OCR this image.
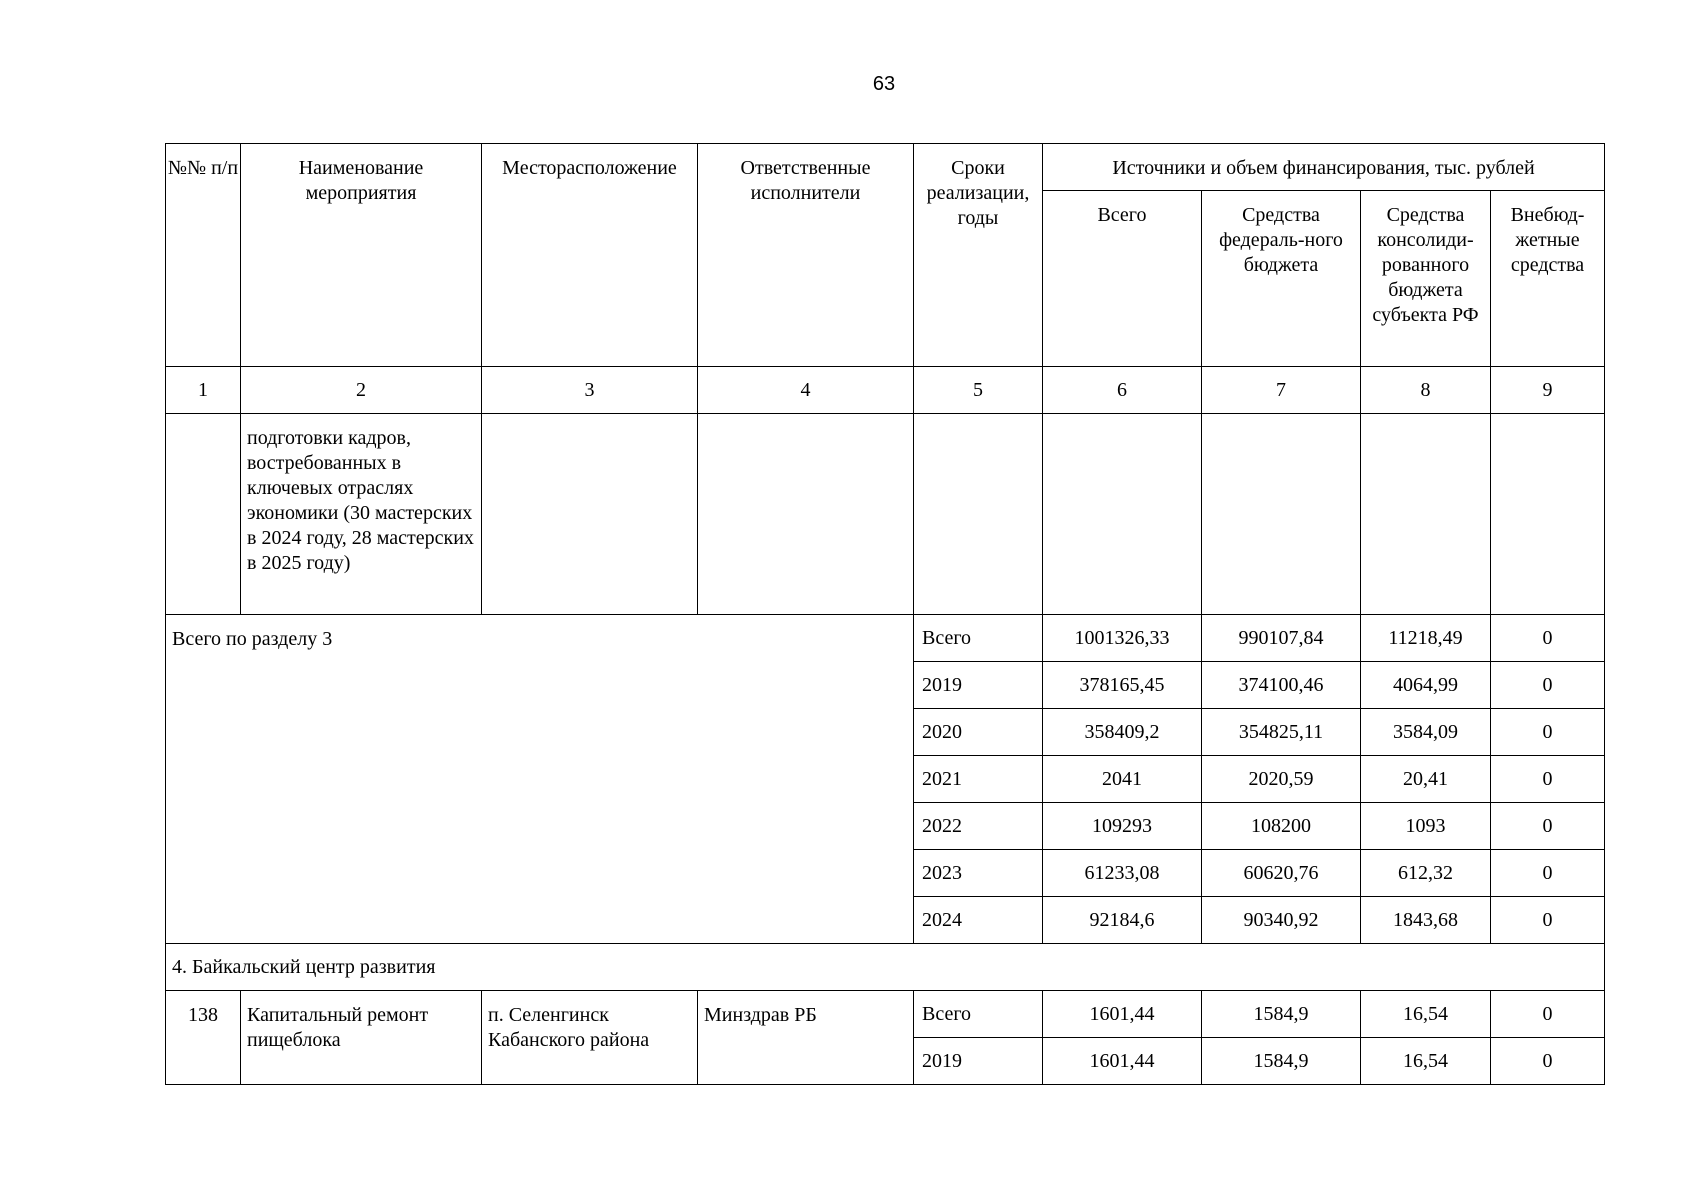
63
№№ п/п	Наименование мероприятия	Месторасположение	Ответственные исполнители	Сроки реализации, годы	Источники и объем финансирования, тыс. рублей			
					Всего	Средства федераль-ного бюджета	Средства консолиди-рованного бюджета субъекта РФ	Внебюд-жетные средства
1	2	3	4	5	6	7	8	9
	подготовки кадров, востребованных в ключевых отраслях экономики (30 мастерских в 2024 году, 28 мастерских в 2025 году)							
Всего по разделу 3				Всего	1001326,33	990107,84	11218,49	0
				2019	378165,45	374100,46	4064,99	0
				2020	358409,2	354825,11	3584,09	0
				2021	2041	2020,59	20,41	0
				2022	109293	108200	1093	0
				2023	61233,08	60620,76	612,32	0
				2024	92184,6	90340,92	1843,68	0
4. Байкальский центр развития								
138	Капитальный ремонт пищеблока	п. Селенгинск Кабанского района	Минздрав РБ	Всего	1601,44	1584,9	16,54	0
				2019	1601,44	1584,9	16,54	0
